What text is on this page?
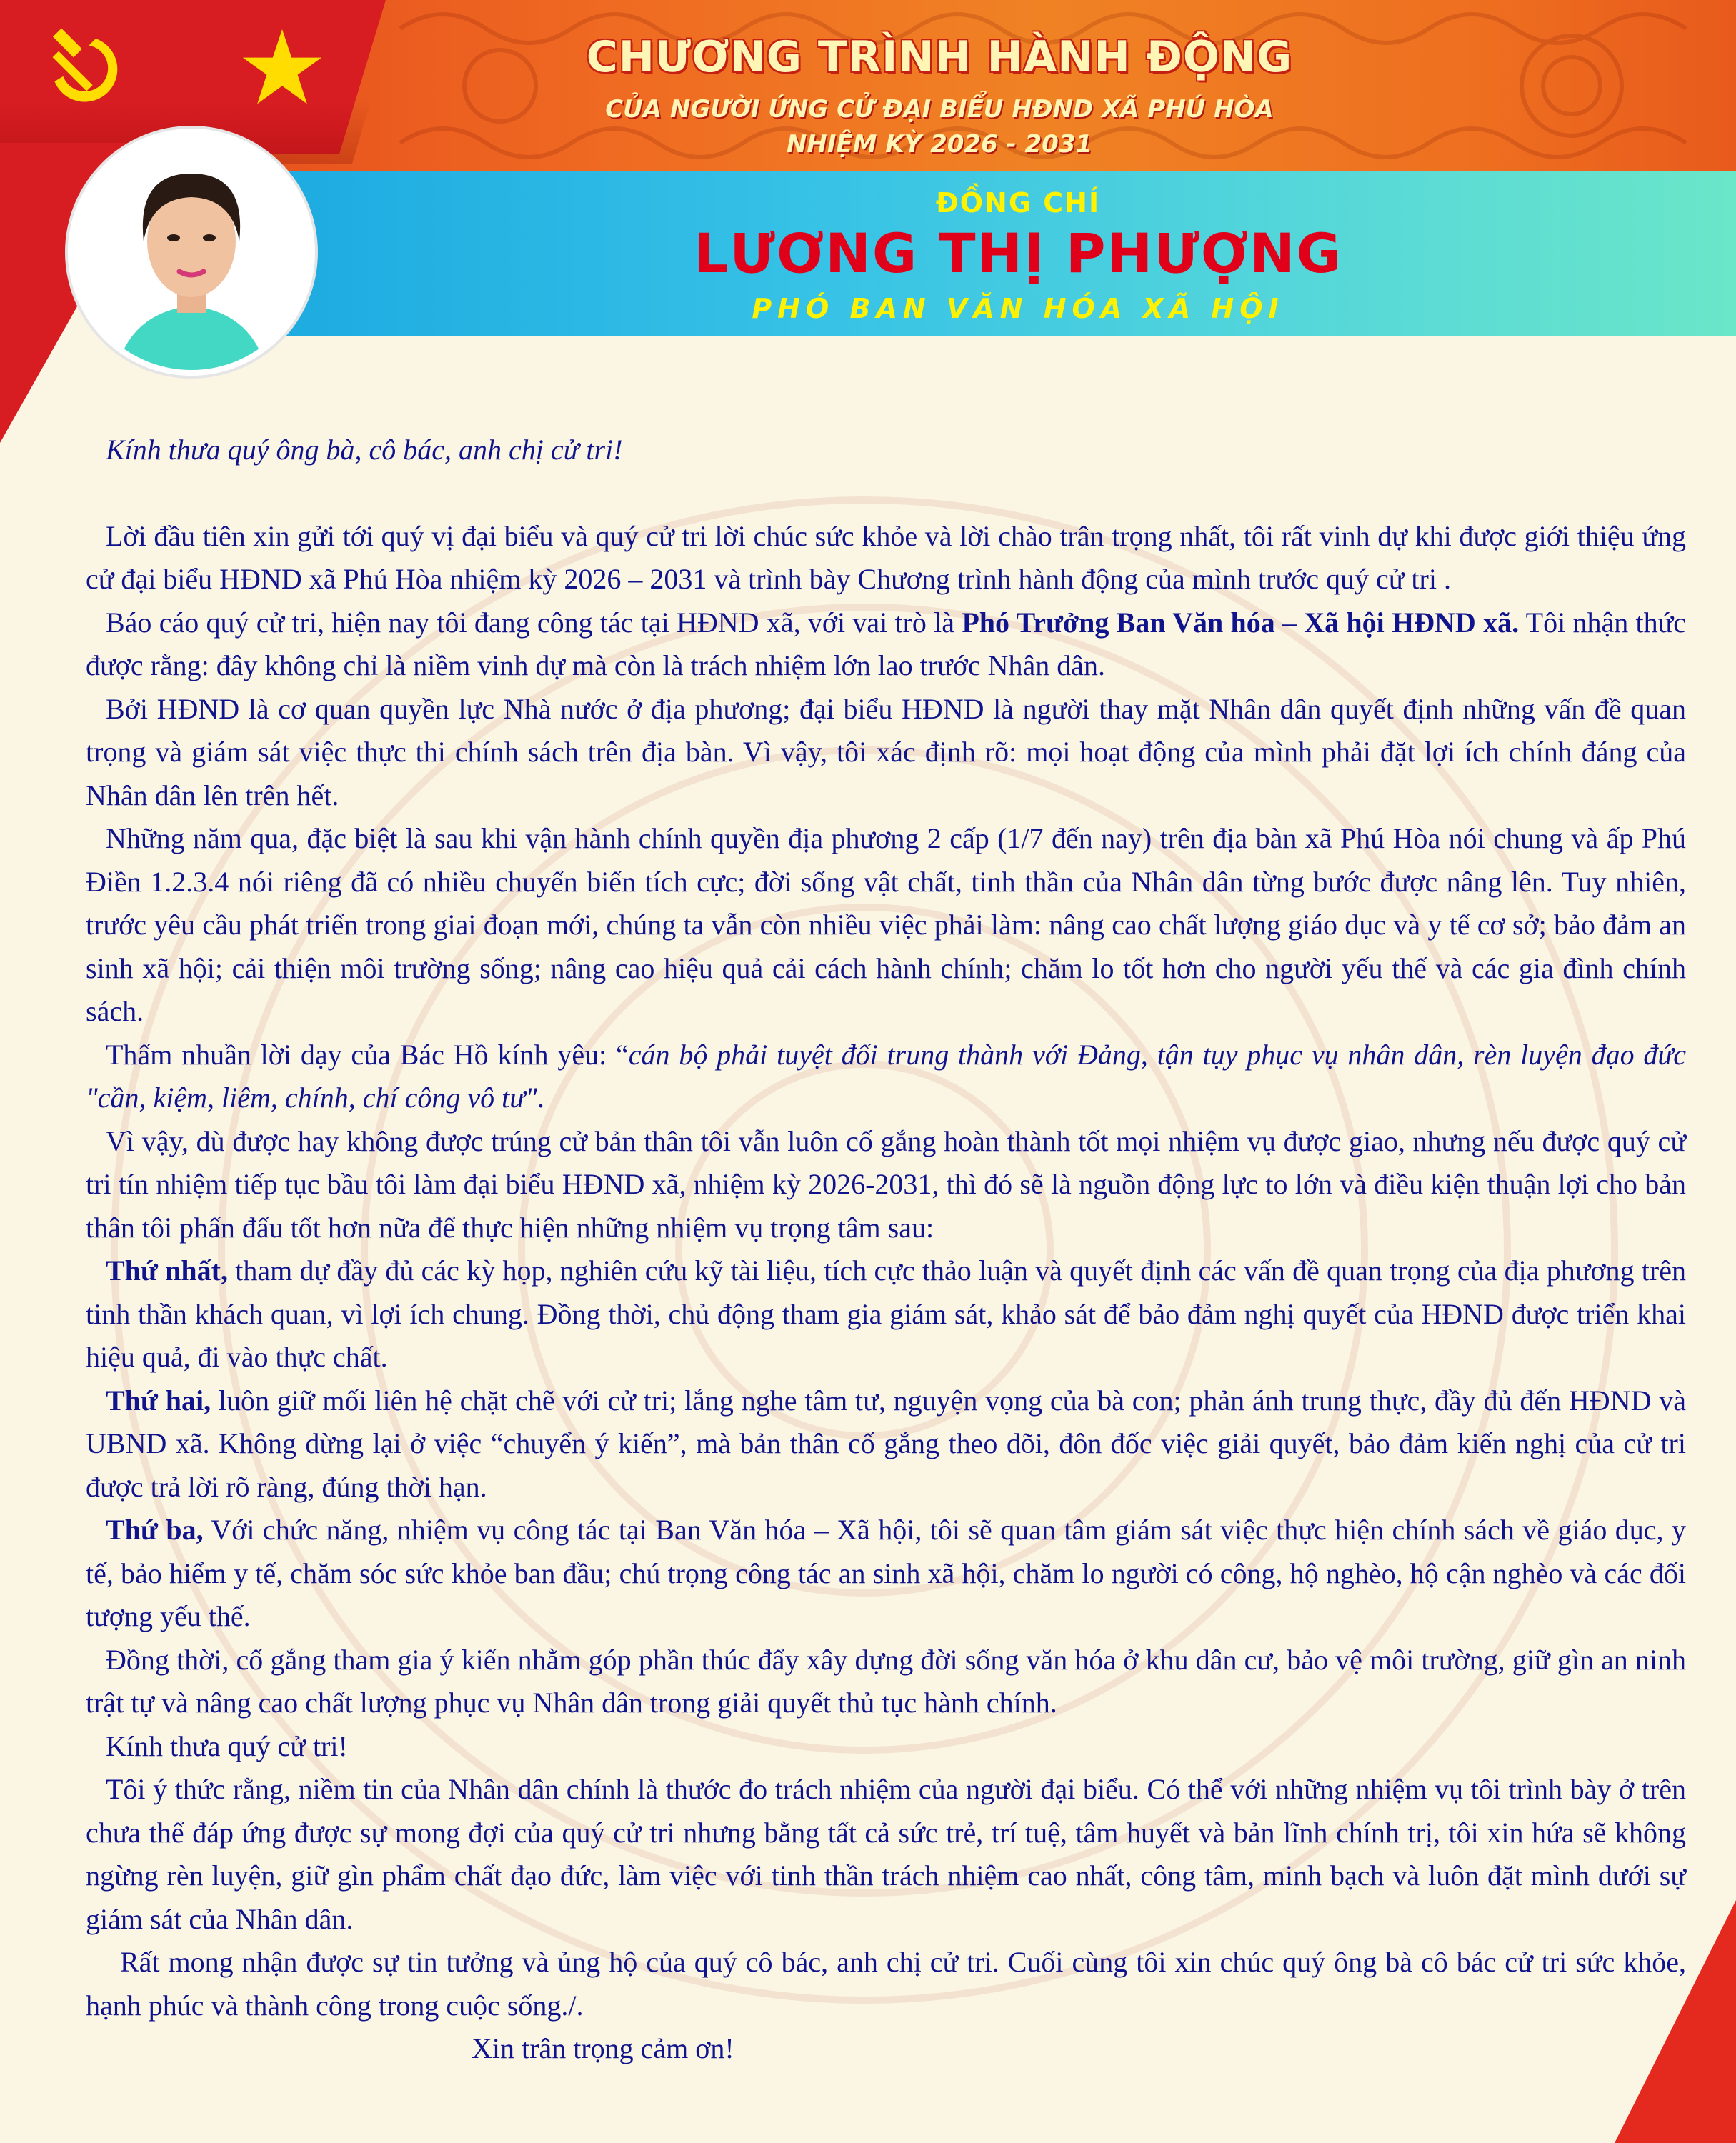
CHƯƠNG TRÌNH HÀNH ĐỘNG
CỦA NGƯỜI ỨNG CỬ ĐẠI BIỂU HĐND XÃ PHÚ HÒA
NHIỆM KỲ 2026 - 2031
ĐỒNG CHÍ
LƯƠNG THỊ PHƯỢNG
PHÓ BAN VĂN HÓA XÃ HỘI

Kính thưa quý ông bà, cô bác, anh chị cử tri!

Lời đầu tiên xin gửi tới quý vị đại biểu và quý cử tri lời chúc sức khỏe và lời chào trân trọng nhất, tôi rất vinh dự khi được giới thiệu ứng cử đại biểu HĐND xã Phú Hòa nhiệm kỳ 2026 – 2031 và trình bày Chương trình hành động của mình trước quý cử tri .

Báo cáo quý cử tri, hiện nay tôi đang công tác tại HĐND xã, với vai trò là Phó Trưởng Ban Văn hóa – Xã hội HĐND xã. Tôi nhận thức được rằng: đây không chỉ là niềm vinh dự mà còn là trách nhiệm lớn lao trước Nhân dân.

Bởi HĐND là cơ quan quyền lực Nhà nước ở địa phương; đại biểu HĐND là người thay mặt Nhân dân quyết định những vấn đề quan trọng và giám sát việc thực thi chính sách trên địa bàn. Vì vậy, tôi xác định rõ: mọi hoạt động của mình phải đặt lợi ích chính đáng của Nhân dân lên trên hết.

Những năm qua, đặc biệt là sau khi vận hành chính quyền địa phương 2 cấp (1/7 đến nay) trên địa bàn xã Phú Hòa nói chung và ấp Phú Điền 1.2.3.4 nói riêng đã có nhiều chuyển biến tích cực; đời sống vật chất, tinh thần của Nhân dân từng bước được nâng lên. Tuy nhiên, trước yêu cầu phát triển trong giai đoạn mới, chúng ta vẫn còn nhiều việc phải làm: nâng cao chất lượng giáo dục và y tế cơ sở; bảo đảm an sinh xã hội; cải thiện môi trường sống; nâng cao hiệu quả cải cách hành chính; chăm lo tốt hơn cho người yếu thế và các gia đình chính sách.

Thấm nhuần lời dạy của Bác Hồ kính yêu: “cán bộ phải tuyệt đối trung thành với Đảng, tận tụy phục vụ nhân dân, rèn luyện đạo đức "cần, kiệm, liêm, chính, chí công vô tư".

Vì vậy, dù được hay không được trúng cử bản thân tôi vẫn luôn cố gắng hoàn thành tốt mọi nhiệm vụ được giao, nhưng nếu được quý cử tri tín nhiệm tiếp tục bầu tôi làm đại biểu HĐND xã, nhiệm kỳ 2026-2031, thì đó sẽ là nguồn động lực to lớn và điều kiện thuận lợi cho bản thân tôi phấn đấu tốt hơn nữa để thực hiện những nhiệm vụ trọng tâm sau:

Thứ nhất, tham dự đầy đủ các kỳ họp, nghiên cứu kỹ tài liệu, tích cực thảo luận và quyết định các vấn đề quan trọng của địa phương trên tinh thần khách quan, vì lợi ích chung. Đồng thời, chủ động tham gia giám sát, khảo sát để bảo đảm nghị quyết của HĐND được triển khai hiệu quả, đi vào thực chất.

Thứ hai, luôn giữ mối liên hệ chặt chẽ với cử tri; lắng nghe tâm tư, nguyện vọng của bà con; phản ánh trung thực, đầy đủ đến HĐND và UBND xã. Không dừng lại ở việc “chuyển ý kiến”, mà bản thân cố gắng theo dõi, đôn đốc việc giải quyết, bảo đảm kiến nghị của cử tri được trả lời rõ ràng, đúng thời hạn.

Thứ ba, Với chức năng, nhiệm vụ công tác tại Ban Văn hóa – Xã hội, tôi sẽ quan tâm giám sát việc thực hiện chính sách về giáo dục, y tế, bảo hiểm y tế, chăm sóc sức khỏe ban đầu; chú trọng công tác an sinh xã hội, chăm lo người có công, hộ nghèo, hộ cận nghèo và các đối tượng yếu thế.

Đồng thời, cố gắng tham gia ý kiến nhằm góp phần thúc đẩy xây dựng đời sống văn hóa ở khu dân cư, bảo vệ môi trường, giữ gìn an ninh trật tự và nâng cao chất lượng phục vụ Nhân dân trong giải quyết thủ tục hành chính.

Kính thưa quý cử tri!

Tôi ý thức rằng, niềm tin của Nhân dân chính là thước đo trách nhiệm của người đại biểu. Có thể với những nhiệm vụ tôi trình bày ở trên chưa thể đáp ứng được sự mong đợi của quý cử tri nhưng bằng tất cả sức trẻ, trí tuệ, tâm huyết và bản lĩnh chính trị, tôi xin hứa sẽ không ngừng rèn luyện, giữ gìn phẩm chất đạo đức, làm việc với tinh thần trách nhiệm cao nhất, công tâm, minh bạch và luôn đặt mình dưới sự giám sát của Nhân dân.

Rất mong nhận được sự tin tưởng và ủng hộ của quý cô bác, anh chị cử tri. Cuối cùng tôi xin chúc quý ông bà cô bác cử tri sức khỏe, hạnh phúc và thành công trong cuộc sống./.

Xin trân trọng cảm ơn!
